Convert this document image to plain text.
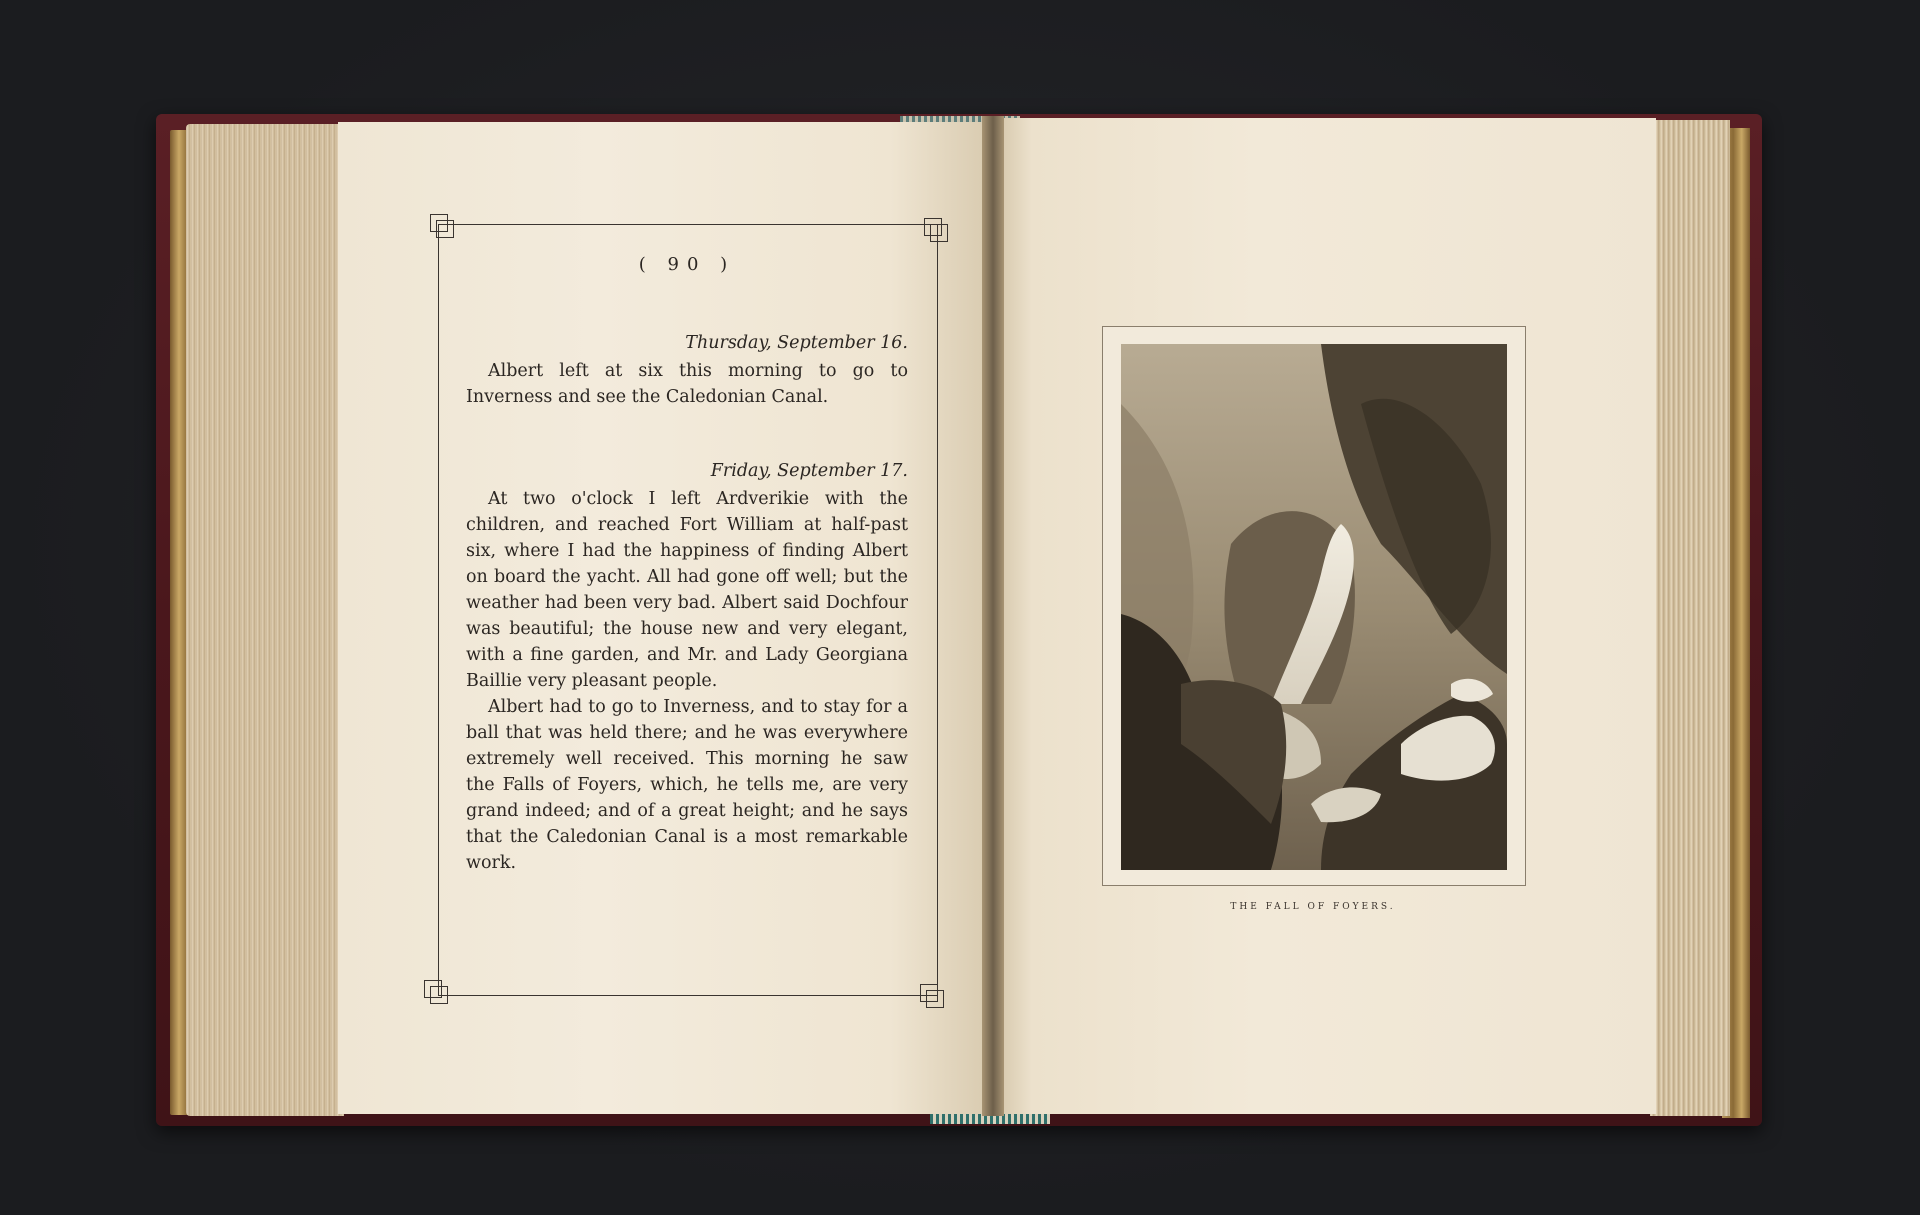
( 90 )
Thursday, September 16.

Albert left at six this morning to go to Inverness and see the Caledonian Canal.

Friday, September 17.

At two o'clock I left Ardverikie with the children, and reached Fort William at half-past six, where I had the happiness of finding Albert on board the yacht. All had gone off well; but the weather had been very bad. Albert said Dochfour was beautiful; the house new and very elegant, with a fine garden, and Mr. and Lady Georgiana Baillie very pleasant people.

Albert had to go to Inverness, and to stay for a ball that was held there; and he was everywhere extremely well received. This morning he saw the Falls of Foyers, which, he tells me, are very grand indeed; and of a great height; and he says that the Caledonian Canal is a most remarkable work.

THE FALL OF FOYERS.
